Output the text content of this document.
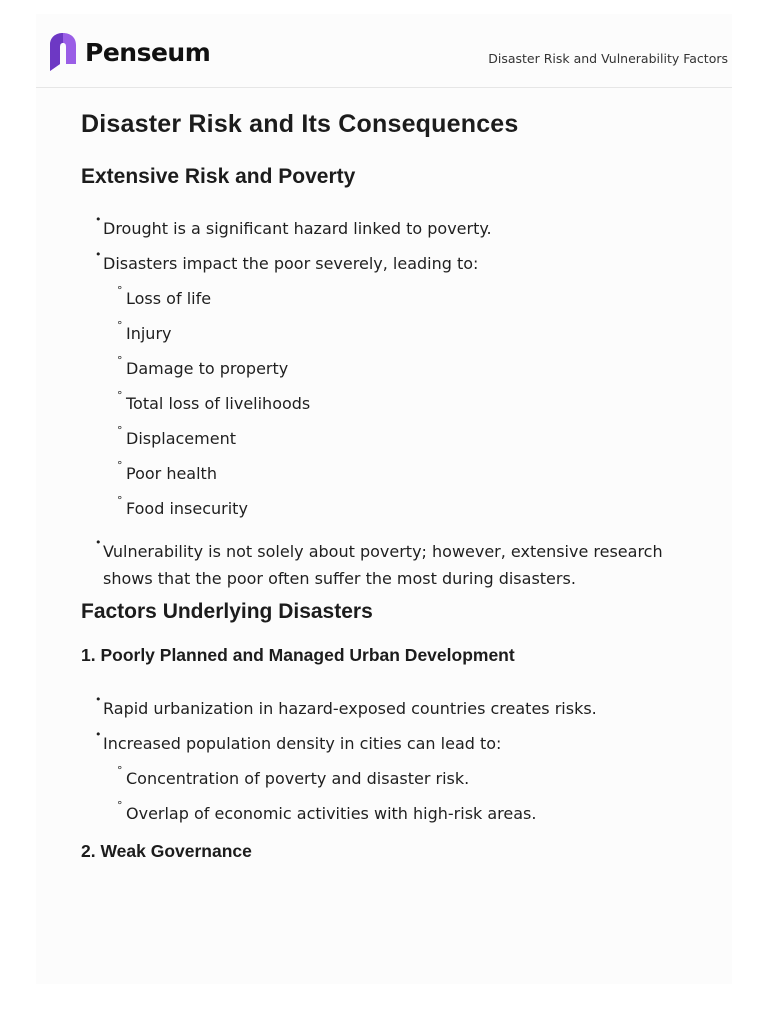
Penseum	Disaster Risk and Vulnerability Factors
Disaster Risk and Its Consequences
Extensive Risk and Poverty
• Drought is a significant hazard linked to poverty.
• Disasters impact the poor severely, leading to:
° Loss of life
° Injury
° Damage to property
° Total loss of livelihoods
° Displacement
° Poor health
° Food insecurity
• Vulnerability is not solely about poverty; however, extensive research shows that the poor often suffer the most during disasters.
Factors Underlying Disasters
1. Poorly Planned and Managed Urban Development
• Rapid urbanization in hazard-exposed countries creates risks.
• Increased population density in cities can lead to:
° Concentration of poverty and disaster risk.
° Overlap of economic activities with high-risk areas.
2. Weak Governance
